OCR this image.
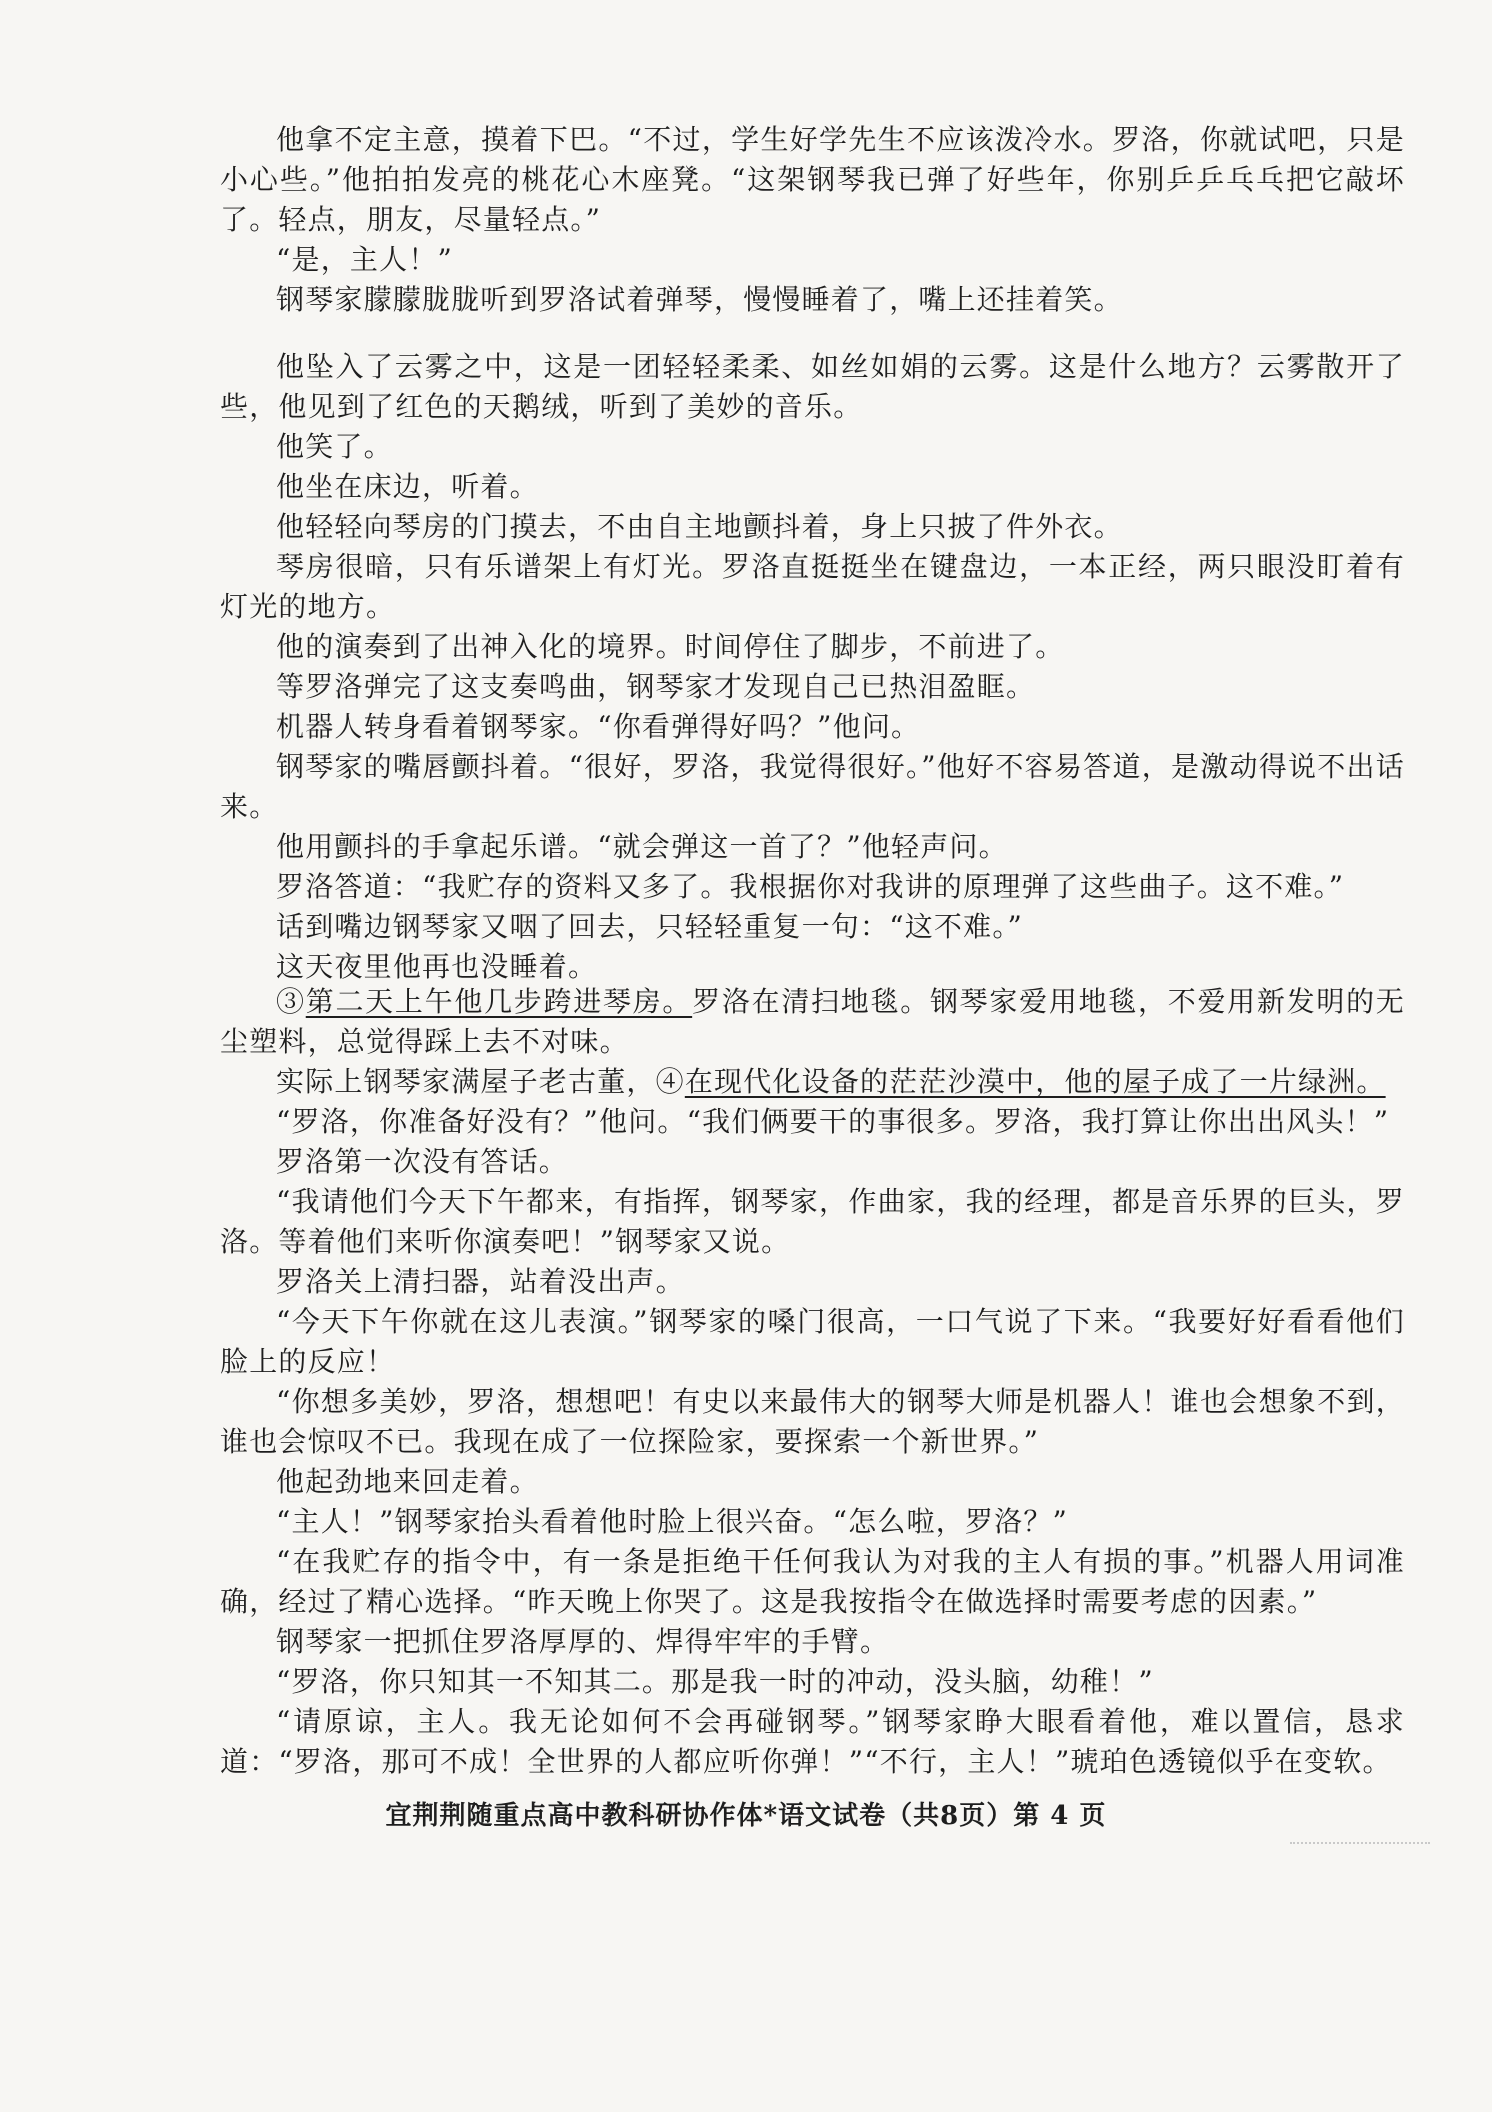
他拿不定主意，摸着下巴。“不过，学生好学先生不应该泼冷水。罗洛，你就试吧，只是小心些。”他拍拍发亮的桃花心木座凳。“这架钢琴我已弹了好些年，你别乒乒乓乓把它敲坏了。轻点，朋友，尽量轻点。”

“是，主人！”

钢琴家朦朦胧胧听到罗洛试着弹琴，慢慢睡着了，嘴上还挂着笑。

他坠入了云雾之中，这是一团轻轻柔柔、如丝如娟的云雾。这是什么地方？云雾散开了些，他见到了红色的天鹅绒，听到了美妙的音乐。

他笑了。

他坐在床边，听着。

他轻轻向琴房的门摸去，不由自主地颤抖着，身上只披了件外衣。

琴房很暗，只有乐谱架上有灯光。罗洛直挺挺坐在键盘边，一本正经，两只眼没盯着有灯光的地方。

他的演奏到了出神入化的境界。时间停住了脚步，不前进了。

等罗洛弹完了这支奏鸣曲，钢琴家才发现自己已热泪盈眶。

机器人转身看着钢琴家。“你看弹得好吗？”他问。

钢琴家的嘴唇颤抖着。“很好，罗洛，我觉得很好。”他好不容易答道，是激动得说不出话来。

他用颤抖的手拿起乐谱。“就会弹这一首了？”他轻声问。

罗洛答道：“我贮存的资料又多了。我根据你对我讲的原理弹了这些曲子。这不难。”

话到嘴边钢琴家又咽了回去，只轻轻重复一句：“这不难。”

这天夜里他再也没睡着。

③第二天上午他几步跨进琴房。罗洛在清扫地毯。钢琴家爱用地毯，不爱用新发明的无尘塑料，总觉得踩上去不对味。

实际上钢琴家满屋子老古董，④在现代化设备的茫茫沙漠中，他的屋子成了一片绿洲。

“罗洛，你准备好没有？”他问。“我们俩要干的事很多。罗洛，我打算让你出出风头！”

罗洛第一次没有答话。

“我请他们今天下午都来，有指挥，钢琴家，作曲家，我的经理，都是音乐界的巨头，罗洛。等着他们来听你演奏吧！”钢琴家又说。

罗洛关上清扫器，站着没出声。

“今天下午你就在这儿表演。”钢琴家的嗓门很高，一口气说了下来。“我要好好看看他们脸上的反应！

“你想多美妙，罗洛，想想吧！有史以来最伟大的钢琴大师是机器人！谁也会想象不到，谁也会惊叹不已。我现在成了一位探险家，要探索一个新世界。”

他起劲地来回走着。

“主人！”钢琴家抬头看着他时脸上很兴奋。“怎么啦，罗洛？”

“在我贮存的指令中，有一条是拒绝干任何我认为对我的主人有损的事。”机器人用词准确，经过了精心选择。“昨天晚上你哭了。这是我按指令在做选择时需要考虑的因素。”

钢琴家一把抓住罗洛厚厚的、焊得牢牢的手臂。

“罗洛，你只知其一不知其二。那是我一时的冲动，没头脑，幼稚！”

“请原谅，主人。我无论如何不会再碰钢琴。”钢琴家睁大眼看着他，难以置信，恳求道：“罗洛，那可不成！全世界的人都应听你弹！”“不行，主人！”琥珀色透镜似乎在变软。

宜荆荆随重点高中教科研协作体*语文试卷（共8页）第 4 页
